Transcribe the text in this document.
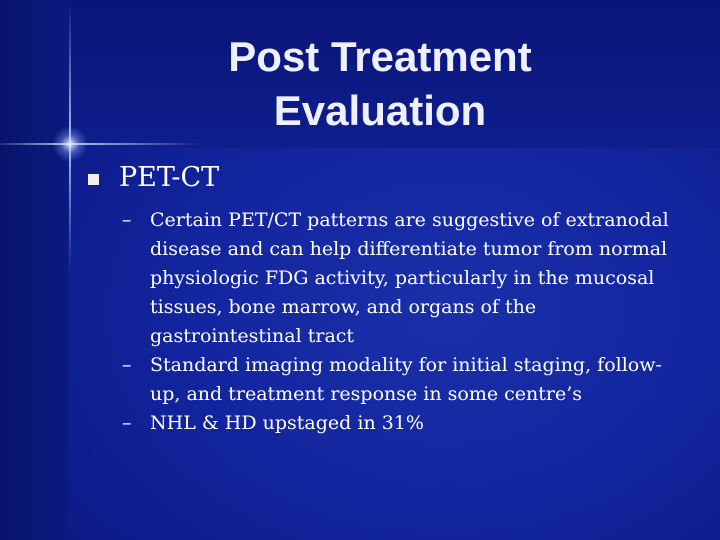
Post Treatment
Evaluation
PET-CT
– Certain PET/CT patterns are suggestive of extranodal disease and can help differentiate tumor from normal physiologic FDG activity, particularly in the mucosal tissues, bone marrow, and organs of the gastrointestinal tract
– Standard imaging modality for initial staging, follow-up, and treatment response in some centre’s
– NHL & HD upstaged in 31%
